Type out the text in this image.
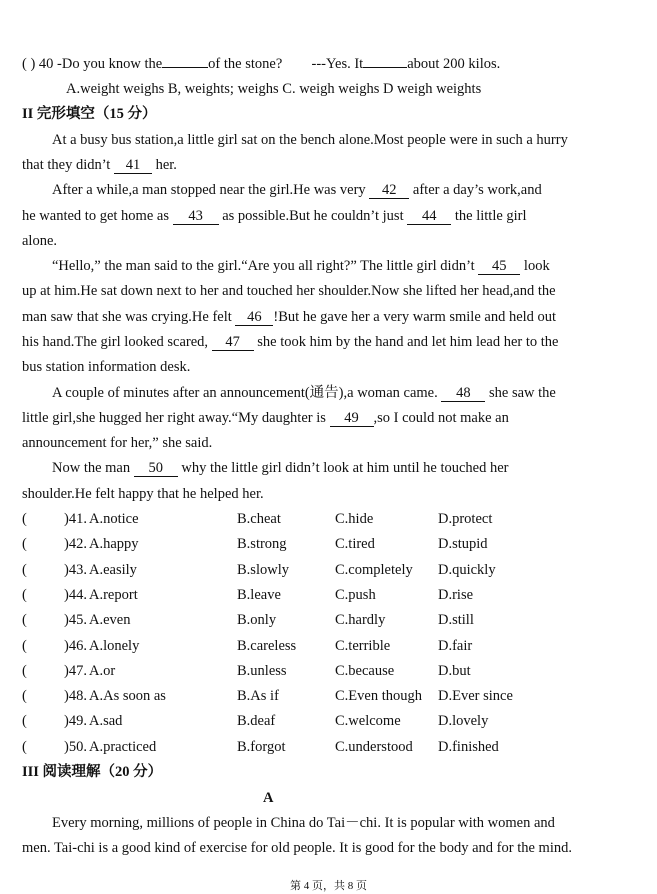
( ) 40 -Do you know the	of the stone? ---Yes. It	about 200 kilos.
A.weight weighs B, weights; weighs C. weigh weighs D weigh weights
II 完形填空（15 分）
At a busy bus station,a little girl sat on the bench alone.Most people were in such a hurry
that they didn’t 41 her.
After a while,a man stopped near the girl.He was very 42 after a day’s work,and
he wanted to get home as 43 as possible.But he couldn’t just 44 the little girl
alone.
“Hello,” the man said to the girl.“Are you all right?” The little girl didn’t 45 look
up at him.He sat down next to her and touched her shoulder.Now she lifted her head,and the
man saw that she was crying.He felt 46 !But he gave her a very warm smile and held out
his hand.The girl looked scared, 47 she took him by the hand and let him lead her to the
bus station information desk.
A couple of minutes after an announcement(通告),a woman came. 48 she saw the
little girl,she hugged her right away.“My daughter is 49 ,so I could not make an
announcement for her,” she said.
Now the man 50 why the little girl didn’t look at him until he touched her
shoulder.He felt happy that he helped her.
(	)41. A.notice	B.cheat	C.hide	D.protect
(	)42. A.happy	B.strong	C.tired	D.stupid
(	)43. A.easily	B.slowly	C.completely D.quickly
(	)44. A.report	B.leave	C.push	D.rise
(	)45. A.even	B.only	C.hardly	D.still
(	)46. A.lonely	B.careless	C.terrible	D.fair
(	)47. A.or	B.unless	C.because	D.but
(	)48. A.As soon as	B.As if	C.Even though D.Ever since
(	)49. A.sad	B.deaf	C.welcome	D.lovely
(	)50. A.practiced	B.forgot	C.understood D.finished
III 阅读理解（20 分）
A
Every morning, millions of people in China do Tai－chi. It is popular with women and
men. Tai-chi is a good kind of exercise for old people. It is good for the body and for the mind.
第 4 页，共 8 页
